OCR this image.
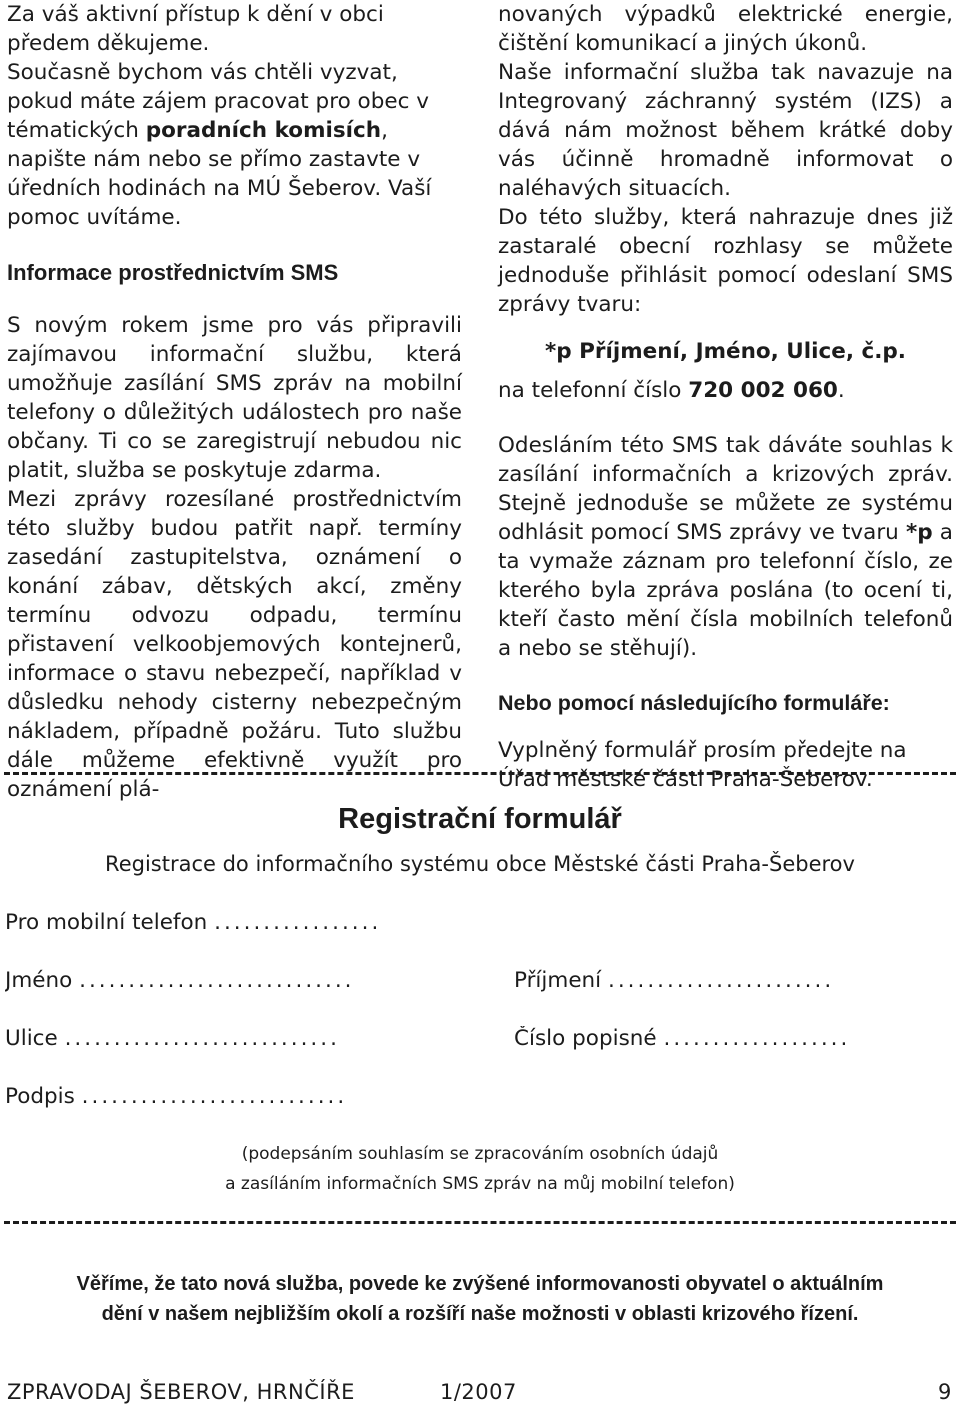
Za váš aktivní přístup k dění v obci předem děkujeme.

Současně bychom vás chtěli vyzvat, pokud máte zájem pracovat pro obec v tématických poradních komisích, napište nám nebo se přímo zastavte v úředních hodinách na MÚ Šeberov. Vaší pomoc uvítáme.

Informace prostřednictvím SMS

S novým rokem jsme pro vás připravili zajímavou informační službu, která umožňuje zasílání SMS zpráv na mobilní telefony o důležitých událostech pro naše občany. Ti co se zaregistrují nebudou nic platit, služba se poskytuje zdarma.

Mezi zprávy rozesílané prostřednictvím této služby budou patřit např. termíny zasedání zastupitelstva, oznámení o konání zábav, dětských akcí, změny termínu odvozu odpadu, termínu přistavení velkoobjemových kontejnerů, informace o stavu nebezpečí, například v důsledku nehody cisterny nebezpečným nákladem, případně požáru. Tuto službu dále můžeme efektivně využít pro oznámení plá-

novaných výpadků elektrické energie, čištění komunikací a jiných úkonů.

Naše informační služba tak navazuje na Integrovaný záchranný systém (IZS) a dává nám možnost během krátké doby vás účinně hromadně informovat o naléhavých situacích.

Do této služby, která nahrazuje dnes již zastaralé obecní rozhlasy se můžete jednoduše přihlásit pomocí odeslaní SMS zprávy tvaru:

*p Příjmení, Jméno, Ulice, č.p.

na telefonní číslo 720 002 060.

Odesláním této SMS tak dáváte souhlas k zasílání informačních a krizových zpráv. Stejně jednoduše se můžete ze systému odhlásit pomocí SMS zprávy ve tvaru *p a ta vymaže záznam pro telefonní číslo, ze kterého byla zpráva poslána (to ocení ti, kteří často mění čísla mobilních telefonů a nebo se stěhují).

Nebo pomocí následujícího formuláře:

Vyplněný formulář prosím předejte na Úřad městské části Praha-Šeberov.

Registrační formulář
Registrace do informačního systému obce Městské části Praha-Šeberov
Pro mobilní telefon .................
Jméno ............................	Příjmení .......................
Ulice ............................	Číslo popisné ...................
Podpis ...........................
(podepsáním souhlasím se zpracováním osobních údajů
a zasíláním informačních SMS zpráv na můj mobilní telefon)
Věříme, že tato nová služba, povede ke zvýšené informovanosti obyvatel o aktuálním
dění v našem nejbližším okolí a rozšíří naše možnosti v oblasti krizového řízení.
ZPRAVODAJ ŠEBEROV, HRNČÍŘE	1/2007	9
